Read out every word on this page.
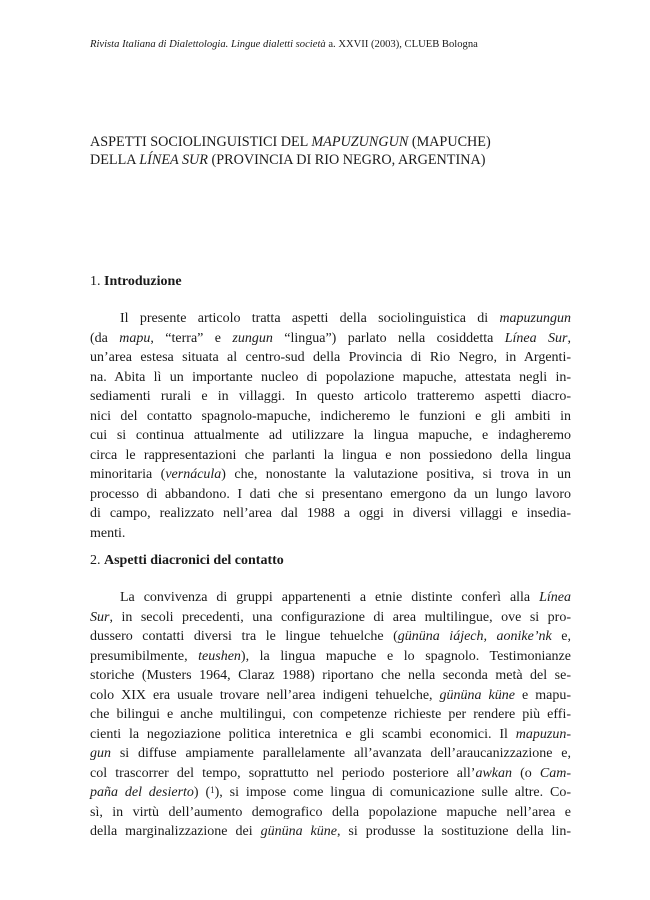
Rivista Italiana di Dialettologia. Lingue dialetti società a. XXVII (2003), CLUEB Bologna
ASPETTI SOCIOLINGUISTICI DEL MAPUZUNGUN (MAPUCHE)
DELLA LÍNEA SUR (PROVINCIA DI RIO NEGRO, ARGENTINA)
1. Introduzione
Il presente articolo tratta aspetti della sociolinguistica di mapuzungun
(da mapu, “terra” e zungun “lingua”) parlato nella cosiddetta Línea Sur,
un’area estesa situata al centro-sud della Provincia di Rio Negro, in Argenti-
na. Abita lì un importante nucleo di popolazione mapuche, attestata negli in-
sediamenti rurali e in villaggi. In questo articolo tratteremo aspetti diacro-
nici del contatto spagnolo-mapuche, indicheremo le funzioni e gli ambiti in
cui si continua attualmente ad utilizzare la lingua mapuche, e indagheremo
circa le rappresentazioni che parlanti la lingua e non possiedono della lingua
minoritaria (vernácula) che, nonostante la valutazione positiva, si trova in un
processo di abbandono. I dati che si presentano emergono da un lungo lavoro
di campo, realizzato nell’area dal 1988 a oggi in diversi villaggi e insedia-
menti.
2. Aspetti diacronici del contatto
La convivenza di gruppi appartenenti a etnie distinte conferì alla Línea
Sur, in secoli precedenti, una configurazione di area multilingue, ove si pro-
dussero contatti diversi tra le lingue tehuelche (gününa iájech, aonike’nk e,
presumibilmente, teushen), la lingua mapuche e lo spagnolo. Testimonianze
storiche (Musters 1964, Claraz 1988) riportano che nella seconda metà del se-
colo XIX era usuale trovare nell’area indigeni tehuelche, gününa küne e mapu-
che bilingui e anche multilingui, con competenze richieste per rendere più effi-
cienti la negoziazione politica interetnica e gli scambi economici. Il mapuzun-
gun si diffuse ampiamente parallelamente all’avanzata dell’araucanizzazione e,
col trascorrer del tempo, soprattutto nel periodo posteriore all’awkan (o Cam-
paña del desierto) ($^1$), si impose come lingua di comunicazione sulle altre. Co-
sì, in virtù dell’aumento demografico della popolazione mapuche nell’area e
della marginalizzazione dei gününa küne, si produsse la sostituzione della lin-
